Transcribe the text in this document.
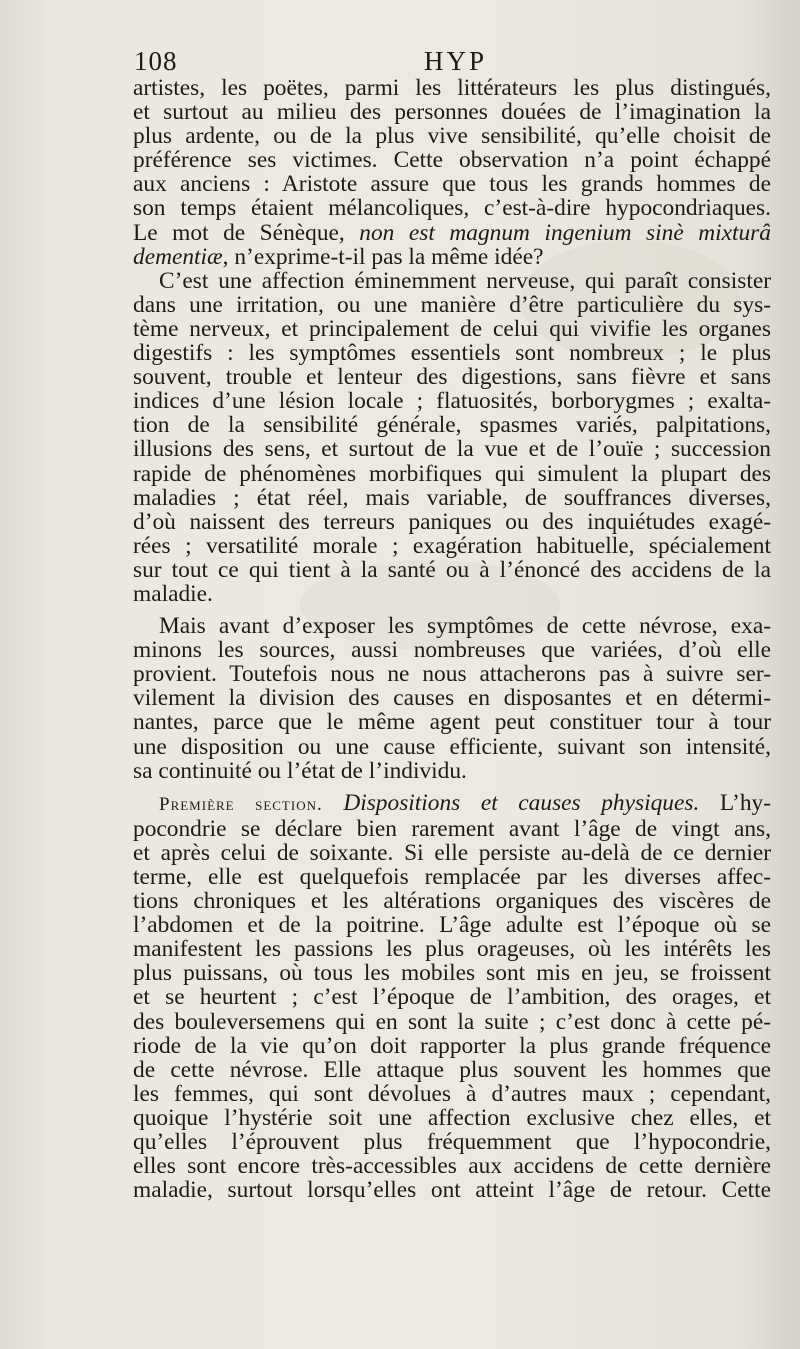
108	HYP

artistes, les poëtes, parmi les littérateurs les plus distingués,
et surtout au milieu des personnes douées de l’imagination la
plus ardente, ou de la plus vive sensibilité, qu’elle choisit de
préférence ses victimes. Cette observation n’a point échappé
aux anciens : Aristote assure que tous les grands hommes de
son temps étaient mélancoliques, c’est-à-dire hypocondriaques.
Le mot de Sénèque, non est magnum ingenium sinè mixturâ
dementiæ, n’exprime-t-il pas la même idée?

C’est une affection éminemment nerveuse, qui paraît consister
dans une irritation, ou une manière d’être particulière du sys-
tème nerveux, et principalement de celui qui vivifie les organes
digestifs : les symptômes essentiels sont nombreux ; le plus
souvent, trouble et lenteur des digestions, sans fièvre et sans
indices d’une lésion locale ; flatuosités, borborygmes ; exalta-
tion de la sensibilité générale, spasmes variés, palpitations,
illusions des sens, et surtout de la vue et de l’ouïe ; succession
rapide de phénomènes morbifiques qui simulent la plupart des
maladies ; état réel, mais variable, de souffrances diverses,
d’où naissent des terreurs paniques ou des inquiétudes exagé-
rées ; versatilité morale ; exagération habituelle, spécialement
sur tout ce qui tient à la santé ou à l’énoncé des accidens de la
maladie.

Mais avant d’exposer les symptômes de cette névrose, exa-
minons les sources, aussi nombreuses que variées, d’où elle
provient. Toutefois nous ne nous attacherons pas à suivre ser-
vilement la division des causes en disposantes et en détermi-
nantes, parce que le même agent peut constituer tour à tour
une disposition ou une cause efficiente, suivant son intensité,
sa continuité ou l’état de l’individu.

Première section. Dispositions et causes physiques. L’hy-
pocondrie se déclare bien rarement avant l’âge de vingt ans,
et après celui de soixante. Si elle persiste au-delà de ce dernier
terme, elle est quelquefois remplacée par les diverses affec-
tions chroniques et les altérations organiques des viscères de
l’abdomen et de la poitrine. L’âge adulte est l’époque où se
manifestent les passions les plus orageuses, où les intérêts les
plus puissans, où tous les mobiles sont mis en jeu, se froissent
et se heurtent ; c’est l’époque de l’ambition, des orages, et
des bouleversemens qui en sont la suite ; c’est donc à cette pé-
riode de la vie qu’on doit rapporter la plus grande fréquence
de cette névrose. Elle attaque plus souvent les hommes que
les femmes, qui sont dévolues à d’autres maux ; cependant,
quoique l’hystérie soit une affection exclusive chez elles, et
qu’elles l’éprouvent plus fréquemment que l’hypocondrie,
elles sont encore très-accessibles aux accidens de cette dernière
maladie, surtout lorsqu’elles ont atteint l’âge de retour. Cette
